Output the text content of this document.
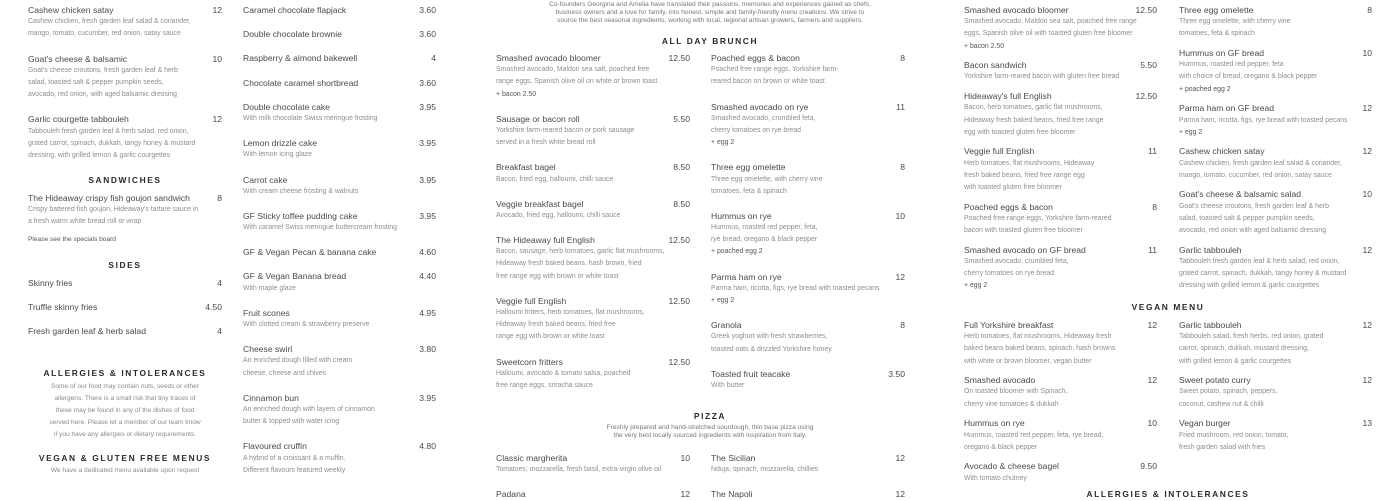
Co-founders Georgina and Amelia have translated their passions, memories and experiences gained as chefs,
business owners and a love for family, into honest, simple and family-friendly menu creations. We strive to
source the best seasonal ingredients, working with local, regional artisan growers, farmers and suppliers.
ALL DAY BRUNCH
PIZZA
Freshly prepared and hand-stretched sourdough, thin base pizza using
the very best locally sourced ingredients with inspiration from Italy.
VEGAN MENU
ALLERGIES & INTOLERANCES
Cashew chicken satay	12
Cashew chicken, fresh garden leaf salad & coriander,
mango, tomato, cucumber, red onion, satay sauce
Goat's cheese & balsamic	10
Goat's cheese croutons, fresh garden leaf & herb
salad, toasted salt & pepper pumpkin seeds,
avocado, red onion, with aged balsamic dressing
Garlic courgette tabbouleh	12
Tabbouleh fresh garden leaf & herb salad, red onion,
grated carrot, spinach, dukkah, tangy honey & mustard
dressing, with grilled lemon & garlic courgettes
SANDWICHES
The Hideaway crispy fish goujon sandwich	8
Crispy battered fish goujon, Hideaway's tartare sauce in
a fresh warm white bread roll or wrap
Please see the specials board
SIDES
Skinny fries	4
Truffle skinny fries	4.50
Fresh garden leaf & herb salad	4
ALLERGIES & INTOLERANCES
Some of our food may contain nuts, seeds or other
allergens. There is a small risk that tiny traces of
these may be found in any of the dishes of food
served here. Please let a member of our team know
if you have any allergies or dietary requirements.
VEGAN & GLUTEN FREE MENUS
We have a dedicated menu available upon request
Caramel chocolate flapjack	3.60
Double chocolate brownie	3.60
Raspberry & almond bakewell	4
Chocolate caramel shortbread	3.60
Double chocolate cake	3.95
With milk chocolate Swiss meringue frosting
Lemon drizzle cake	3.95
With lemon icing glaze
Carrot cake	3.95
With cream cheese frosting & walnuts
GF Sticky toffee pudding cake	3.95
With caramel Swiss meringue buttercream frosting
GF & Vegan Pecan & banana cake	4.60
GF & Vegan Banana bread	4.40
With maple glaze
Fruit scones	4.95
With clotted cream & strawberry preserve
Cheese swirl	3.80
An enriched dough filled with cream
cheese, cheese and chives
Cinnamon bun	3.95
An enriched dough with layers of cinnamon
butter & topped with water icing
Flavoured cruffin	4.80
A hybrid of a croissant & a muffin.
Different flavours featured weekly
Smashed avocado bloomer	12.50
Smashed avocado, Maldon sea salt, poached free
range eggs, Spanish olive oil on white or brown toast
+ bacon 2.50
Sausage or bacon roll	5.50
Yorkshire farm-reared bacon or pork sausage
served in a fresh white bread roll
Breakfast bagel	8.50
Bacon, fried egg, halloumi, chilli sauce
Veggie breakfast bagel	8.50
Avocado, fried egg, halloumi, chilli sauce
The Hideaway full English	12.50
Bacon, sausage, herb tomatoes, garlic flat mushrooms,
Hideaway fresh baked beans, hash brown, fried
free range egg with brown or white toast
Veggie full English	12.50
Halloumi fritters, herb tomatoes, flat mushrooms,
Hideaway fresh baked beans, fried free
range egg with brown or white toast
Sweetcorn fritters	12.50
Halloumi, avocado & tomato salsa, poached
free range eggs, sriracha sauce
Classic margherita	10
Tomatoes, mozzarella, fresh basil, extra-virgin olive oil
Padana	12
Poached eggs & bacon	8
Poached free range eggs, Yorkshire farm-
reared bacon on brown or white toast
Smashed avocado on rye	11
Smashed avocado, crumbled feta,
cherry tomatoes on rye bread
+ egg 2
Three egg omelette	8
Three egg omelette, with cherry vine
tomatoes, feta & spinach
Hummus on rye	10
Hummus, roasted red pepper, feta,
rye bread, oregano & black pepper
+ poached egg 2
Parma ham on rye	12
Parma ham, ricotta, figs, rye bread with toasted pecans
+ egg 2
Granola	8
Greek yoghurt with fresh strawberries,
toasted oats & drizzled Yorkshire honey
Toasted fruit teacake	3.50
With butter
The Sicilian	12
Nduja, spinach, mozzarella, chillies
The Napoli	12
Smashed avocado bloomer	12.50
Smashed avocado, Maldon sea salt, poached free range
eggs, Spanish olive oil with toasted gluten free bloomer
+ bacon 2.50
Bacon sandwich	5.50
Yorkshire farm-reared bacon with gluten free bread
Hideaway's full English	12.50
Bacon, herb tomatoes, garlic flat mushrooms,
Hideaway fresh baked beans, fried free range
egg with toasted gluten free bloomer
Veggie full English	11
Herb tomatoes, flat mushrooms, Hideaway
fresh baked beans, fried free range egg
with toasted gluten free bloomer
Poached eggs & bacon	8
Poached free range eggs, Yorkshire farm-reared
bacon with toasted gluten free bloomer
Smashed avocado on GF bread	11
Smashed avocado, crumbled feta,
cherry tomatoes on rye bread
+ egg 2
Full Yorkshire breakfast	12
Herb tomatoes, flat mushrooms, Hideaway fresh
baked beans baked beans, spinach, hash browns
with white or brown bloomer, vegan butter
Smashed avocado	12
On toasted bloomer with Spinach,
cherry vine tomatoes & dukkah
Hummus on rye	10
Hummus, roasted red pepper, feta, rye bread,
oregano & black pepper
Avocado & cheese bagel	9.50
With tomato chutney
Three egg omelette	8
Three egg omelette, with cherry vine
tomatoes, feta & spinach
Hummus on GF bread	10
Hummus, roasted red pepper, feta
with choice of bread, oregano & black pepper
+ poached egg 2
Parma ham on GF bread	12
Parma ham, ricotta, figs, rye bread with toasted pecans
+ egg 2
Cashew chicken satay	12
Cashew chicken, fresh garden leaf salad & coriander,
mango, tomato, cucumber, red onion, satay sauce
Goat's cheese & balsamic salad	10
Goat's cheese croutons, fresh garden leaf & herb
salad, toasted salt & pepper pumpkin seeds,
avocado, red onion with aged balsamic dressing
Garlic tabbouleh	12
Tabbouleh fresh garden leaf & herb salad, red onion,
grated carrot, spinach, dukkah, tangy honey & mustard
dressing with grilled lemon & garlic courgettes
Garlic tabbouleh	12
Tabbouleh salad, fresh herbs, red onion, grated
carrot, spinach, dukkah, mustard dressing,
with grilled lemon & garlic courgettes
Sweet potato curry	12
Sweet potato, spinach, peppers,
coconut, cashew nut & chilli
Vegan burger	13
Fried mushroom, red onion, tomato,
fresh garden salad with fries
